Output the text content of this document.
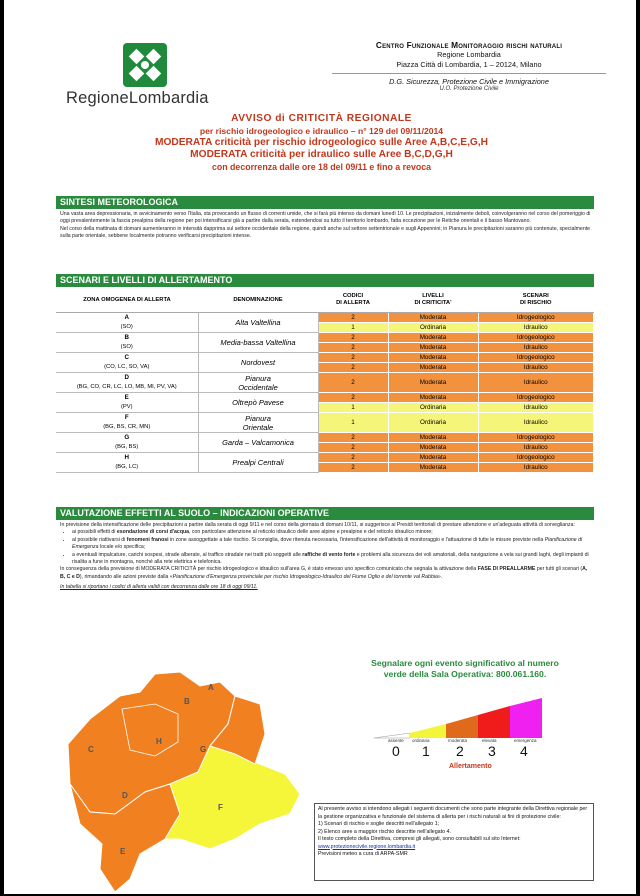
RegioneLombardia
Centro Funzionale Monitoraggio rischi naturali
Regione Lombardia
Piazza Città di Lombardia, 1 – 20124, Milano
D.G. Sicurezza, Protezione Civile e Immigrazione
U.O. Protezione Civile
AVVISO di CRITICITÀ REGIONALE
per rischio idrogeologico e idraulico – n° 129 del 09/11/2014
MODERATA criticità per rischio idrogeologico sulle Aree A,B,C,E,G,H
MODERATA criticità per idraulico sulle Aree B,C,D,G,H
con decorrenza dalle ore 18 del 09/11 e fino a revoca
SINTESI METEOROLOGICA

Una vasta area depressionaria, in avvicinamento verso l'Italia, sta provocando un flusso di correnti umide, che si farà più intenso da domani lunedì 10. Le precipitazioni, inizialmente deboli, coinvolgeranno nel corso del pomeriggio di oggi prevalentemente la fascia prealpina della regione per poi intensificarsi già a partire dalla serata, estendendosi su tutto il territorio lombardo, fatta eccezione per le Retiche orientali e il basso Mantovano.

Nel corso della mattinata di domani aumenteranno in intensità dapprima sul settore occidentale della regione, quindi anche sul settore settentrionale e sugli Appennini; in Pianura le precipitazioni saranno più contenute, specialmente sulla parte orientale, sebbene localmente potranno verificarsi precipitazioni intense.

SCENARI E LIVELLI DI ALLERTAMENTO
ZONA OMOGENEA DI ALLERTA	DENOMINAZIONE	CODICI
DI ALLERTA	LIVELLI
DI CRITICITA'	SCENARI
DI RISCHIO

A
(SO)	Alta Valtellina	2	Moderata	Idrogeologico
		1	Ordinaria	Idraulico

B
(SO)	Media-bassa Valtellina	2	Moderata	Idrogeologico
		2	Moderata	Idraulico

C
(CO, LC, SO, VA)	Nordovest	2	Moderata	Idrogeologico
		2	Moderata	Idraulico

D
(BG, CO, CR, LC, LO, MB, MI, PV, VA)	Pianura
Occidentale	2	Moderata	Idraulico

E
(PV)	Oltrepò Pavese	2	Moderata	Idrogeologico
		1	Ordinaria	Idraulico

F
(BG, BS, CR, MN)	Pianura
Orientale	1	Ordinaria	Idraulico

G
(BG, BS)	Garda – Valcamonica	2	Moderata	Idrogeologico
		2	Moderata	Idraulico

H
(BG, LC)	Prealpi Centrali	2	Moderata	Idrogeologico
		2	Moderata	Idraulico
VALUTAZIONE EFFETTI AL SUOLO – INDICAZIONI OPERATIVE

In previsione della intensificazione delle precipitazioni a partire dalla serata di oggi 9/11 e nel corso della giornata di domani 10/11, si suggerisce ai Presidi territoriali di prestare attenzione e un'adeguata attività di sorveglianza:

• ai possibili effetti di esondazione di corsi d'acqua, con particolare attenzione al reticolo idraulico delle aree alpine e prealpine e del reticolo idraulico minore;
• al possibile riattivarsi di fenomeni franosi in zone assoggettate a tale rischio. Si consiglia, dove ritenuta necessaria, l'intensificazione dell'attività di monitoraggio e l'attuazione di tutte le misure previste nella Pianificazione di Emergenza locale e/o specifica;
• a eventuali impalcature, carichi sospesi, strade alberate, al traffico stradale nei tratti più soggetti alle raffiche di vento forte e problemi alla sicurezza dei voli amatoriali, della navigazione a vela sui grandi laghi, degli impianti di risalita a fune in montagna, nonché alla rete elettrica e telefonica.

In conseguenza della previsione di MODERATA CRITICITÀ per rischio idrogeologico e idraulico sull'area G, è stato emesso uno specifico comunicato che segnala la attivazione della FASE DI PREALLARME per tutti gli scenari (A, B, C e D), rimandando alle azioni previste dalla «Pianificazione d'Emergenza provinciale per rischio Idrogeologico-Idraulico del Fiume Oglio e del torrente val Rabbia».

In tabella si riportano i codici di allerta validi con decorrenza dalle ore 18 di oggi 09/11.

Segnalare ogni evento significativo al numero
verde della Sala Operativa: 800.061.160.
assente ordinaria	moderata	elevata	emergenza
0 1 2 3 4
Allertamento
A
B
C
D
E
F
G
H
Al presente avviso si intendono allegati i seguenti documenti che sono parte integrante della Direttiva regionale per la gestione organizzativa e funzionale del sistema di allerta per i rischi naturali ai fini di protezione civile:
1) Scenari di rischio e soglie descritti nell'allegato 1;
2) Elenco aree a maggior rischio descritte nell'allegato 4.
Il testo completo della Direttiva, compresi gli allegati, sono consultabili sul sito Internet:
www.protezionecivile.regione.lombardia.it
Previsioni meteo a cura di ARPA-SMR
